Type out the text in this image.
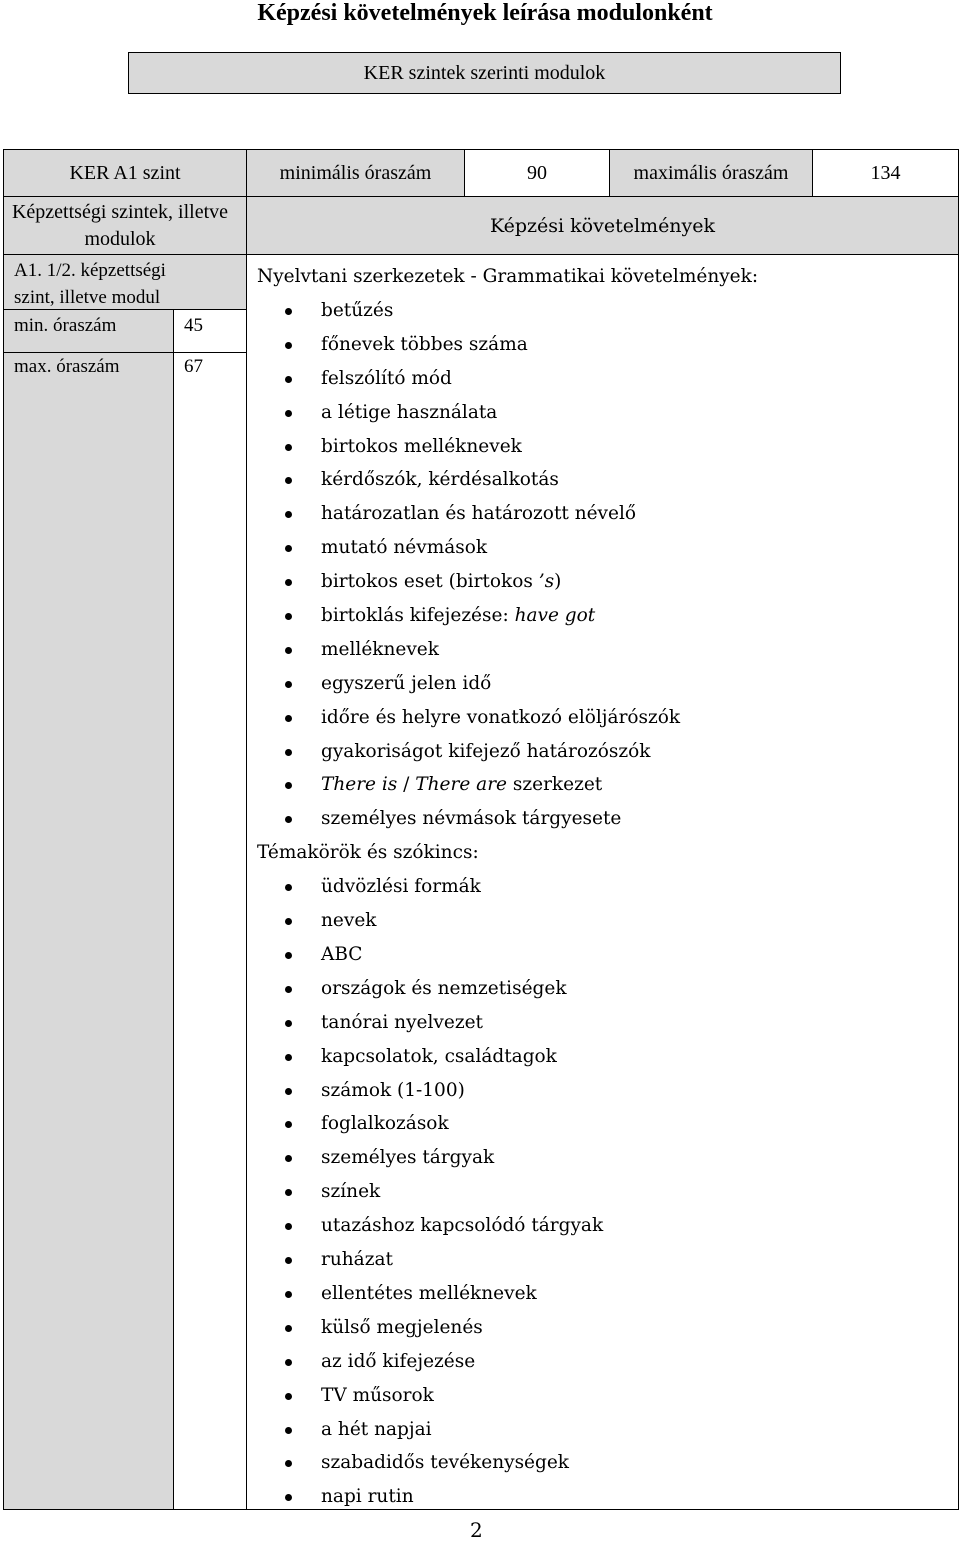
Képzési követelmények leírása modulonként
KER szintek szerinti modulok
KER A1 szint	minimális óraszám	90	maximális óraszám	134
Képzettségi szintek, illetve modulok
A1. 1/2. képzettségi szint, illetve modul
min. óraszám	45
max. óraszám	67
Képzési követelmények
Nyelvtani szerkezetek - Grammatikai követelmények:
betűzés
főnevek többes száma
felszólító mód
a létige használata
birtokos melléknevek
kérdőszók, kérdésalkotás
határozatlan és határozott névelő
mutató névmások
birtokos eset (birtokos ’s)
birtoklás kifejezése: have got
melléknevek
egyszerű jelen idő
időre és helyre vonatkozó elöljárószók
gyakoriságot kifejező határozószók
There is / There are szerkezet
személyes névmások tárgyesete
Témakörök és szókincs:
üdvözlési formák
nevek
ABC
országok és nemzetiségek
tanórai nyelvezet
kapcsolatok, családtagok
számok (1-100)
foglalkozások
személyes tárgyak
színek
utazáshoz kapcsolódó tárgyak
ruházat
ellentétes melléknevek
külső megjelenés
az idő kifejezése
TV műsorok
a hét napjai
szabadidős tevékenységek
napi rutin
2
